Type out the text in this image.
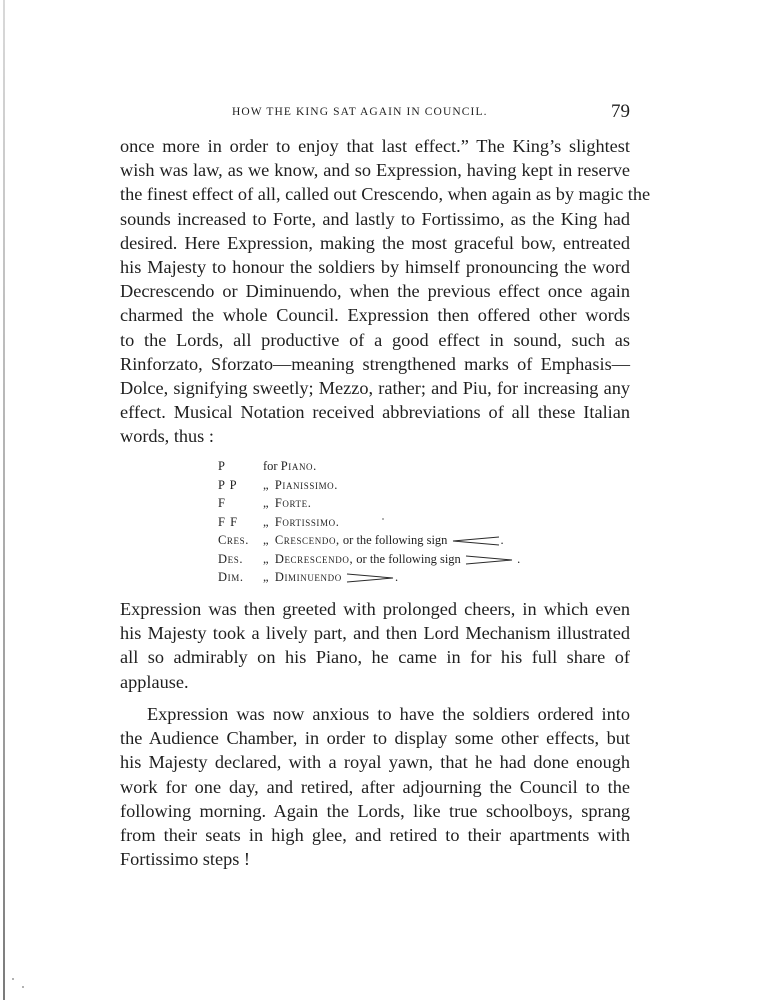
HOW THE KING SAT AGAIN IN COUNCIL.	79
once more in order to enjoy that last effect.” The King’s slightest
wish was law, as we know, and so Expression, having kept in reserve
the finest effect of all, called out Crescendo, when again as by magic the
sounds increased to Forte, and lastly to Fortissimo, as the King had
desired. Here Expression, making the most graceful bow, entreated
his Majesty to honour the soldiers by himself pronouncing the word
Decrescendo or Diminuendo, when the previous effect once again
charmed the whole Council. Expression then offered other words
to the Lords, all productive of a good effect in sound, such as
Rinforzato, Sforzato—meaning strengthened marks of Emphasis—
Dolce, signifying sweetly; Mezzo, rather; and Piu, for increasing any
effect. Musical Notation received abbreviations of all these Italian
words, thus :
P	for Piano.
P P „ Pianissimo.
F	„ Forte.
F F „ Fortissimo.
Cres. „ Crescendo, or the following sign	.
Des. „ Decrescendo, or the following sign	.
Dim. „ Diminuendo	.
Expression was then greeted with prolonged cheers, in which even
his Majesty took a lively part, and then Lord Mechanism illustrated
all so admirably on his Piano, he came in for his full share of
applause.
Expression was now anxious to have the soldiers ordered into
the Audience Chamber, in order to display some other effects, but
his Majesty declared, with a royal yawn, that he had done enough
work for one day, and retired, after adjourning the Council to the
following morning. Again the Lords, like true schoolboys, sprang
from their seats in high glee, and retired to their apartments with
Fortissimo steps !
